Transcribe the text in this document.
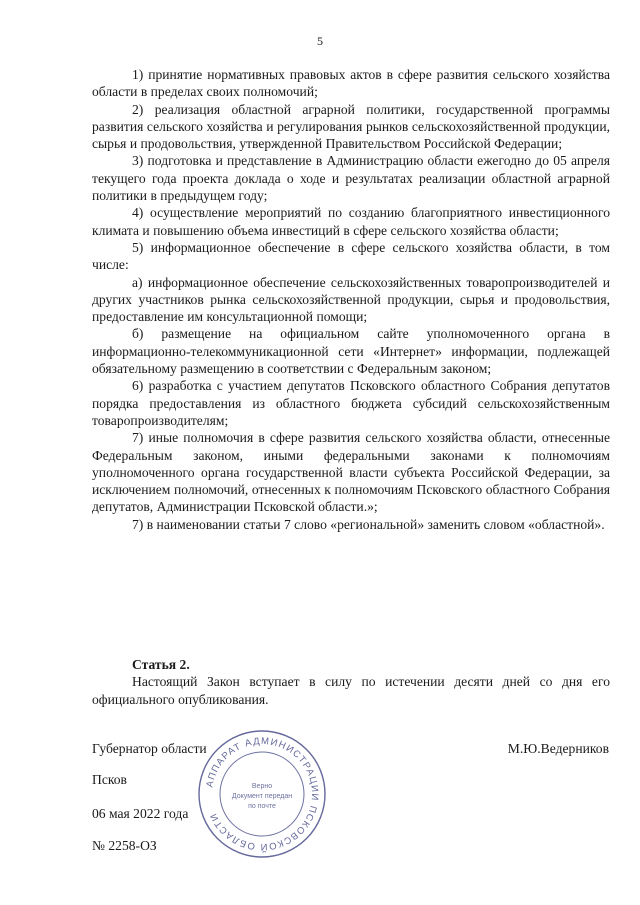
5

1) принятие нормативных правовых актов в сфере развития сельского хозяйства области в пределах своих полномочий;

2) реализация областной аграрной политики, государственной программы развития сельского хозяйства и регулирования рынков сельскохозяйственной продукции, сырья и продовольствия, утвержденной Правительством Российской Федерации;

3) подготовка и представление в Администрацию области ежегодно до 05 апреля текущего года проекта доклада о ходе и результатах реализации областной аграрной политики в предыдущем году;

4) осуществление мероприятий по созданию благоприятного инвестиционного климата и повышению объема инвестиций в сфере сельского хозяйства области;

5) информационное обеспечение в сфере сельского хозяйства области, в том числе:

а) информационное обеспечение сельскохозяйственных товаропроизводителей и других участников рынка сельскохозяйственной продукции, сырья и продовольствия, предоставление им консультационной помощи;

б) размещение на официальном сайте уполномоченного органа в информационно-телекоммуникационной сети «Интернет» информации, подлежащей обязательному размещению в соответствии с Федеральным законом;

6) разработка с участием депутатов Псковского областного Собрания депутатов порядка предоставления из областного бюджета субсидий сельскохозяйственным товаропроизводителям;

7) иные полномочия в сфере развития сельского хозяйства области, отнесенные Федеральным законом, иными федеральными законами к полномочиям уполномоченного органа государственной власти субъекта Российской Федерации, за исключением полномочий, отнесенных к полномочиям Псковского областного Собрания депутатов, Администрации Псковской области.»;

7) в наименовании статьи 7 слово «региональной» заменить словом «областной».

Статья 2.

Настоящий Закон вступает в силу по истечении десяти дней со дня его официального опубликования.

Губернатор области	М.Ю.Ведерников
Псков
06 мая 2022 года
№ 2258-ОЗ
АППАРАТ АДМИНИСТРАЦИИ ПСКОВСКОЙ ОБЛАСТИ
Верно
Документ передан
по почте
